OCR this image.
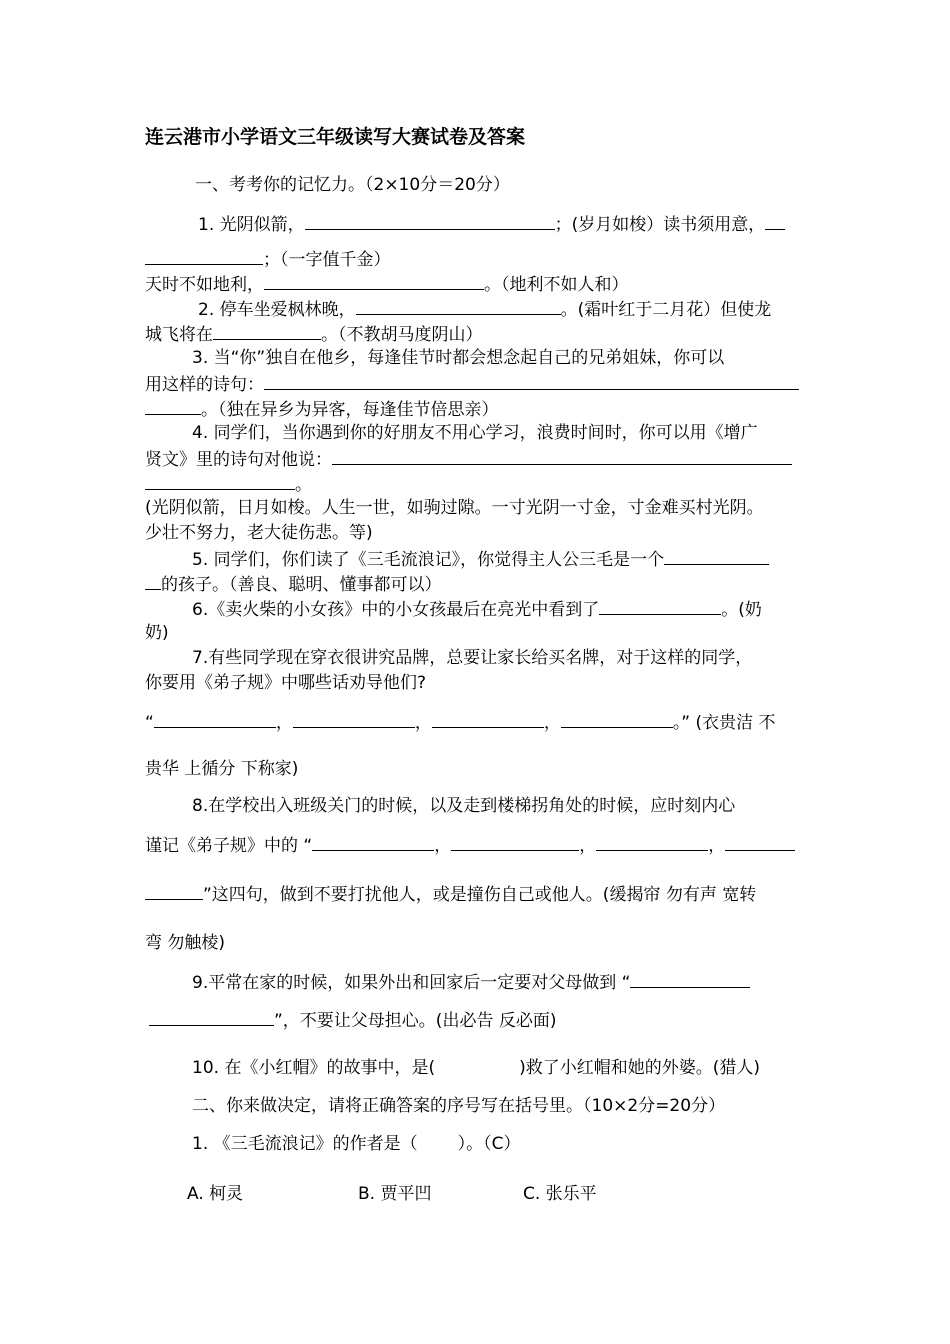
连云港市小学语文三年级读写大赛试卷及答案
一、考考你的记忆力。（2×10分＝20分）
1. 光阴似箭，	；(岁月如梭）读书须用意，
；（一字值千金）
天时不如地利，	。（地利不如人和）
2. 停车坐爱枫林晚，	。(霜叶红于二月花）但使龙
城飞将在	。（不教胡马度阴山）
3. 当“你”独自在他乡，每逢佳节时都会想念起自己的兄弟姐妹，你可以
用这样的诗句：
。（独在异乡为异客，每逢佳节倍思亲）
4. 同学们，当你遇到你的好朋友不用心学习，浪费时间时，你可以用《增广
贤文》里的诗句对他说：
。
(光阴似箭，日月如梭。人生一世，如驹过隙。一寸光阴一寸金，寸金难买村光阴。
少壮不努力，老大徒伤悲。等)
5. 同学们，你们读了《三毛流浪记》，你觉得主人公三毛是一个
的孩子。（善良、聪明、懂事都可以）
6.《卖火柴的小女孩》中的小女孩最后在亮光中看到了	。(奶
奶)
7.有些同学现在穿衣很讲究品牌，总要让家长给买名牌，对于这样的同学，
你要用《弟子规》中哪些话劝导他们?
“	，	，	，	。” (衣贵洁 不
贵华 上循分 下称家)
8.在学校出入班级关门的时候，以及走到楼梯拐角处的时候，应时刻内心
谨记《弟子规》中的 “	，	，	，
”这四句，做到不要打扰他人，或是撞伤自己或他人。(缓揭帘 勿有声 宽转
弯 勿触棱)
9.平常在家的时候，如果外出和回家后一定要对父母做到 “
”，不要让父母担心。(出必告 反必面)
10. 在《小红帽》的故事中，是(	)救了小红帽和她的外婆。(猎人)
二、你来做决定，请将正确答案的序号写在括号里。（10×2分=20分）
1. 《三毛流浪记》的作者是（ ）。（C）
A. 柯灵	B. 贾平凹	C. 张乐平
